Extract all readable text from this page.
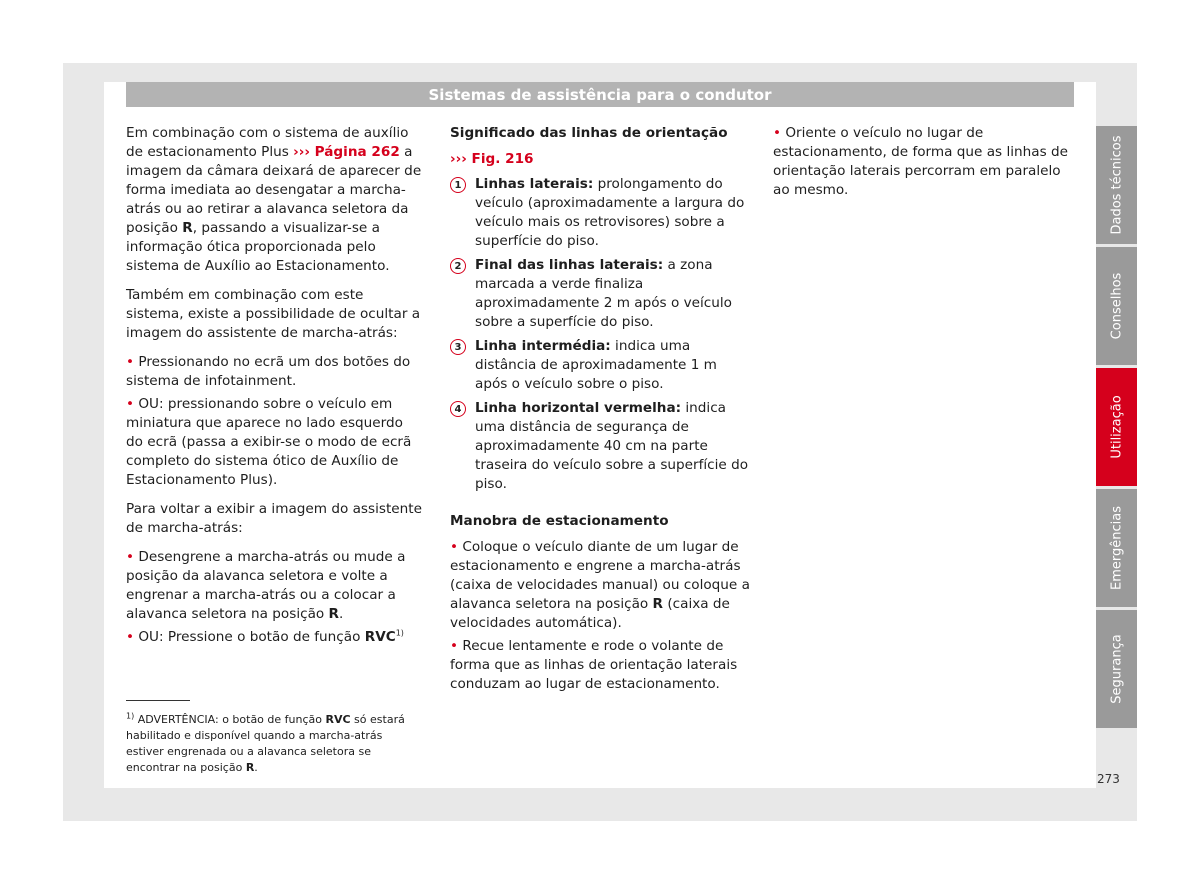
Sistemas de assistência para o condutor

Em combinação com o sistema de auxílio de estacionamento Plus ››› Página 262 a imagem da câmara deixará de aparecer de forma imediata ao desengatar a marcha-atrás ou ao retirar a alavanca seletora da posição R, passando a visualizar-se a informação ótica proporcionada pelo sistema de Auxílio ao Estacionamento.

Também em combinação com este sistema, existe a possibilidade de ocultar a imagem do assistente de marcha-atrás:

• Pressionando no ecrã um dos botões do sistema de infotainment.

• OU: pressionando sobre o veículo em miniatura que aparece no lado esquerdo do ecrã (passa a exibir-se o modo de ecrã completo do sistema ótico de Auxílio de Estacionamento Plus).

Para voltar a exibir a imagem do assistente de marcha-atrás:

• Desengrene a marcha-atrás ou mude a posição da alavanca seletora e volte a engrenar a marcha-atrás ou a colocar a alavanca seletora na posição R.

• OU: Pressione o botão de função RVC$^{1)}$

$^{1)}$ ADVERTÊNCIA: o botão de função RVC só estará habilitado e disponível quando a marcha-atrás estiver engrenada ou a alavanca seletora se encontrar na posição R.

Significado das linhas de orientação

››› Fig. 216

1 Linhas laterais: prolongamento do veículo (aproximadamente a largura do veículo mais os retrovisores) sobre a superfície do piso.
2 Final das linhas laterais: a zona marcada a verde finaliza aproximadamente 2 m após o veículo sobre a superfície do piso.
3 Linha intermédia: indica uma distância de aproximadamente 1 m após o veículo sobre o piso.
4 Linha horizontal vermelha: indica uma distância de segurança de aproximadamente 40 cm na parte traseira do veículo sobre a superfície do piso.

Manobra de estacionamento

• Coloque o veículo diante de um lugar de estacionamento e engrene a marcha-atrás (caixa de velocidades manual) ou coloque a alavanca seletora na posição R (caixa de velocidades automática).

• Recue lentamente e rode o volante de forma que as linhas de orientação laterais conduzam ao lugar de estacionamento.

• Oriente o veículo no lugar de estacionamento, de forma que as linhas de orientação laterais percorram em paralelo ao mesmo.	Dados técnicos
Conselhos
Utilização
Emergências
Segurança
273
